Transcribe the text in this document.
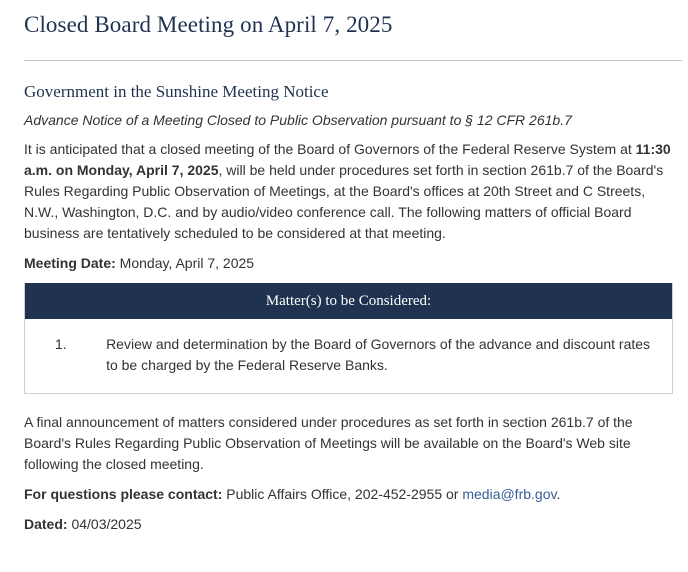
Closed Board Meeting on April 7, 2025
Government in the Sunshine Meeting Notice
Advance Notice of a Meeting Closed to Public Observation pursuant to § 12 CFR 261b.7

It is anticipated that a closed meeting of the Board of Governors of the Federal Reserve System at 11:30 a.m. on Monday, April 7, 2025, will be held under procedures set forth in section 261b.7 of the Board's Rules Regarding Public Observation of Meetings, at the Board's offices at 20th Street and C Streets, N.W., Washington, D.C. and by audio/video conference call. The following matters of official Board business are tentatively scheduled to be considered at that meeting.

Meeting Date: Monday, April 7, 2025

Matter(s) to be Considered:
1.	Review and determination by the Board of Governors of the advance and discount rates to be charged by the Federal Reserve Banks.

A final announcement of matters considered under procedures as set forth in section 261b.7 of the Board's Rules Regarding Public Observation of Meetings will be available on the Board's Web site following the closed meeting.

For questions please contact: Public Affairs Office, 202-452-2955 or media@frb.gov.

Dated: 04/03/2025
